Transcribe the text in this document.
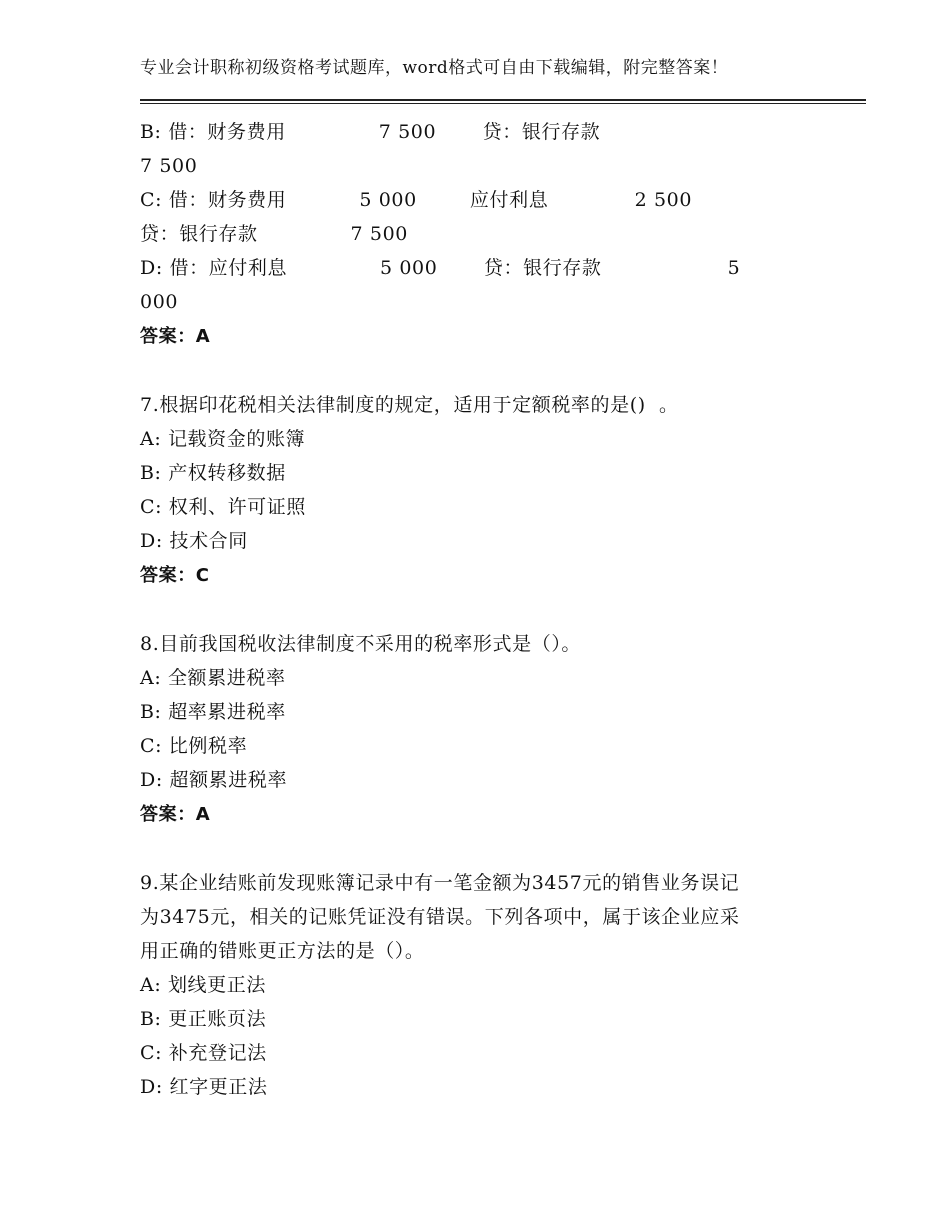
专业会计职称初级资格考试题库，word格式可自由下载编辑，附完整答案！
B: 借：财务费用              7 500       贷：银行存款
7 500
C: 借：财务费用           5 000        应付利息             2 500
贷：银行存款              7 500
D: 借：应付利息              5 000       贷：银行存款                   5
000
答案：A
7.根据印花税相关法律制度的规定，适用于定额税率的是()  。
A: 记载资金的账簿
B: 产权转移数据
C: 权利、许可证照
D: 技术合同
答案：C
8.目前我国税收法律制度不采用的税率形式是（）。
A: 全额累进税率
B: 超率累进税率
C: 比例税率
D: 超额累进税率
答案：A
9.某企业结账前发现账簿记录中有一笔金额为3457元的销售业务误记
为3475元，相关的记账凭证没有错误。下列各项中，属于该企业应采
用正确的错账更正方法的是（）。
A: 划线更正法
B: 更正账页法
C: 补充登记法
D: 红字更正法
